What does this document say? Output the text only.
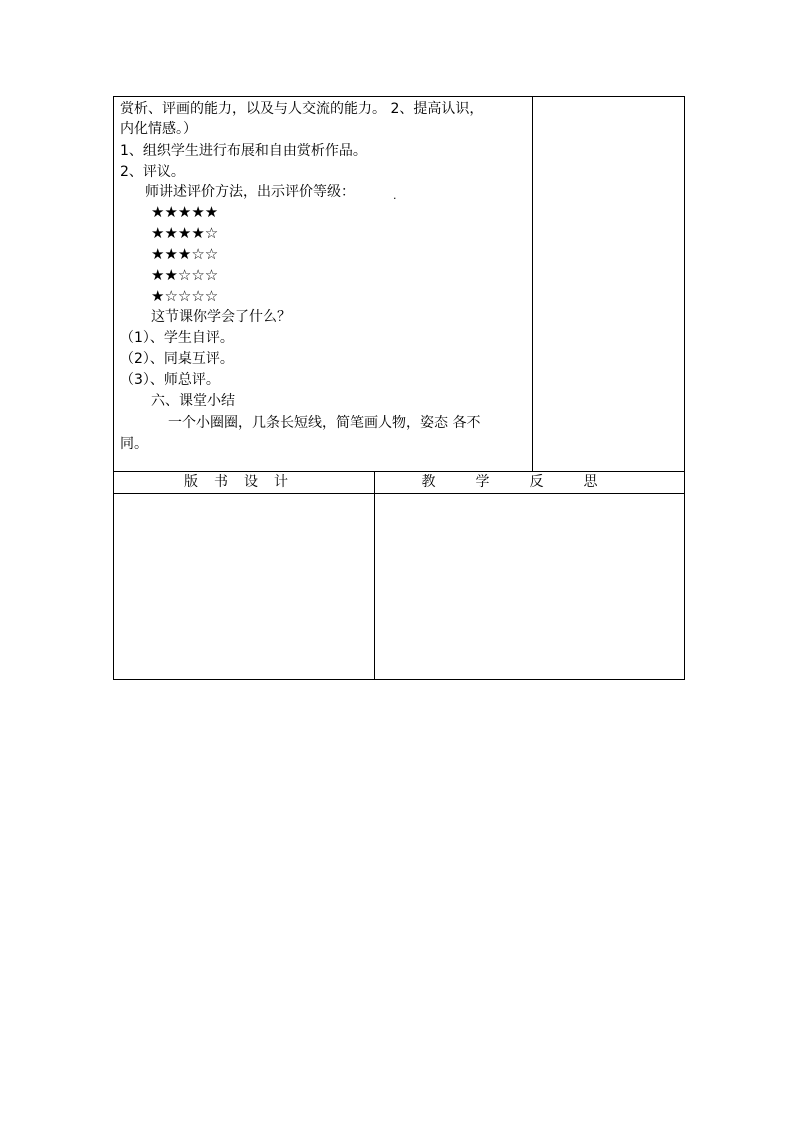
赏析、评画的能力，以及与人交流的能力。 2、提高认识，
内化情感。）
1、组织学生进行布展和自由赏析作品。
2、评议。
师讲述评价方法，出示评价等级：	.
★★★★★
★★★★☆
★★★☆☆
★★☆☆☆
★☆☆☆☆
这节课你学会了什么？
（1）、学生自评。
（2）、同桌互评。
（3）、师总评。
六、课堂小结
一个小圈圈，几条长短线，简笔画人物，姿态 各不
同。
版书设计	教学反思
